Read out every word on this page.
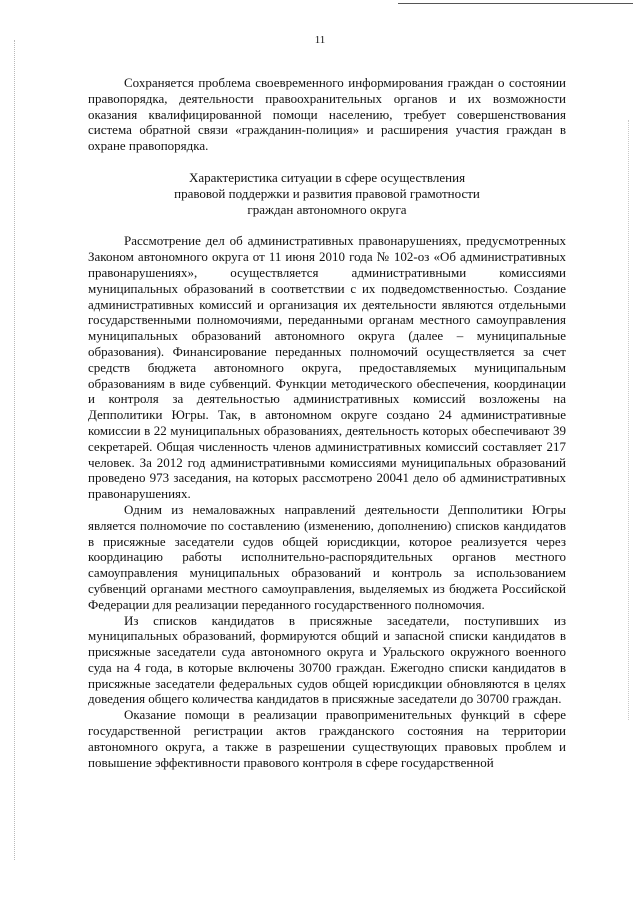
11

Сохраняется проблема своевременного информирования граждан о состоянии правопорядка, деятельности правоохранительных органов и их возможности оказания квалифицированной помощи населению, требует совершенствования система обратной связи «гражданин-полиция» и расширения участия граждан в охране правопорядка.

Характеристика ситуации в сфере осуществления
правовой поддержки и развития правовой грамотности
граждан автономного округа

Рассмотрение дел об административных правонарушениях, предусмотренных Законом автономного округа от 11 июня 2010 года № 102-оз «Об административных правонарушениях», осуществляется административными комиссиями муниципальных образований в соответствии с их подведомственностью. Создание административных комиссий и организация их деятельности являются отдельными государственными полномочиями, переданными органам местного самоуправления муниципальных образований автономного округа (далее – муниципальные образования). Финансирование переданных полномочий осуществляется за счет средств бюджета автономного округа, предоставляемых муниципальным образованиям в виде субвенций. Функции методического обеспечения, координации и контроля за деятельностью административных комиссий возложены на Депполитики Югры. Так, в автономном округе создано 24 административные комиссии в 22 муниципальных образованиях, деятельность которых обеспечивают 39 секретарей. Общая численность членов административных комиссий составляет 217 человек. За 2012 год административными комиссиями муниципальных образований проведено 973 заседания, на которых рассмотрено 20041 дело об административных правонарушениях.

Одним из немаловажных направлений деятельности Депполитики Югры является полномочие по составлению (изменению, дополнению) списков кандидатов в присяжные заседатели судов общей юрисдикции, которое реализуется через координацию работы исполнительно-распорядительных органов местного самоуправления муниципальных образований и контроль за использованием субвенций органами местного самоуправления, выделяемых из бюджета Российской Федерации для реализации переданного государственного полномочия.

Из списков кандидатов в присяжные заседатели, поступивших из муниципальных образований, формируются общий и запасной списки кандидатов в присяжные заседатели суда автономного округа и Уральского окружного военного суда на 4 года, в которые включены 30700 граждан. Ежегодно списки кандидатов в присяжные заседатели федеральных судов общей юрисдикции обновляются в целях доведения общего количества кандидатов в присяжные заседатели до 30700 граждан.

Оказание помощи в реализации правоприменительных функций в сфере государственной регистрации актов гражданского состояния на территории автономного округа, а также в разрешении существующих правовых проблем и повышение эффективности правового контроля в сфере государственной
